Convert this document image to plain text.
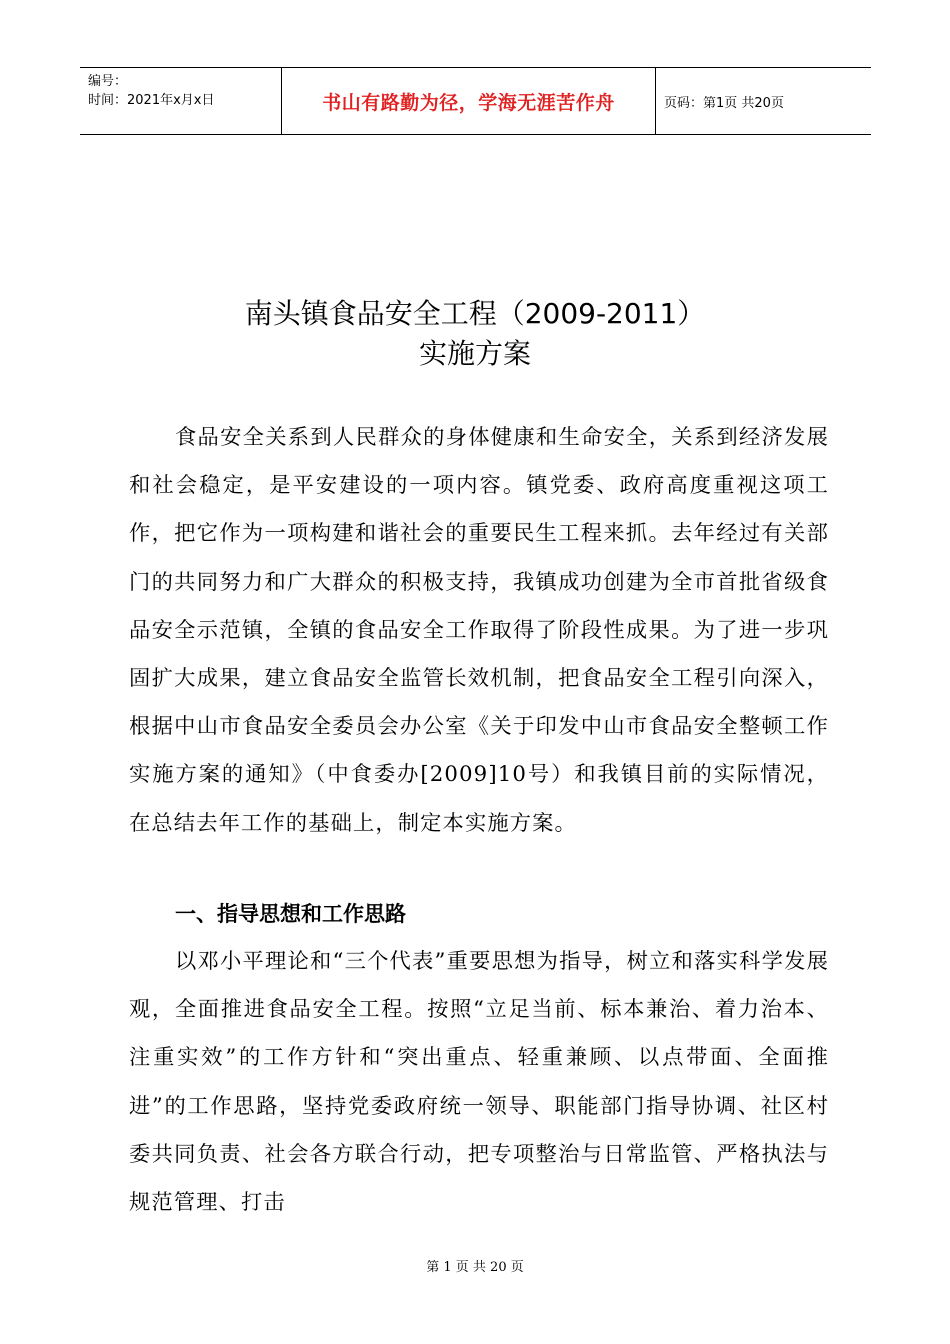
编号：
时间：2021年x月x日	书山有路勤为径，学海无涯苦作舟	页码：第1页 共20页
南头镇食品安全工程（2009-2011）
实施方案
食品安全关系到人民群众的身体健康和生命安全，关系到经济发展和社会稳定，是平安建设的一项内容。镇党委、政府高度重视这项工作，把它作为一项构建和谐社会的重要民生工程来抓。去年经过有关部门的共同努力和广大群众的积极支持，我镇成功创建为全市首批省级食品安全示范镇，全镇的食品安全工作取得了阶段性成果。为了进一步巩固扩大成果，建立食品安全监管长效机制，把食品安全工程引向深入，根据中山市食品安全委员会办公室《关于印发中山市食品安全整顿工作实施方案的通知》（中食委办[2009]10号）和我镇目前的实际情况，在总结去年工作的基础上，制定本实施方案。
一、指导思想和工作思路
以邓小平理论和“三个代表”重要思想为指导，树立和落实科学发展观，全面推进食品安全工程。按照“立足当前、标本兼治、着力治本、注重实效”的工作方针和“突出重点、轻重兼顾、以点带面、全面推进”的工作思路，坚持党委政府统一领导、职能部门指导协调、社区村委共同负责、社会各方联合行动，把专项整治与日常监管、严格执法与规范管理、打击
第 1 页 共 20 页
